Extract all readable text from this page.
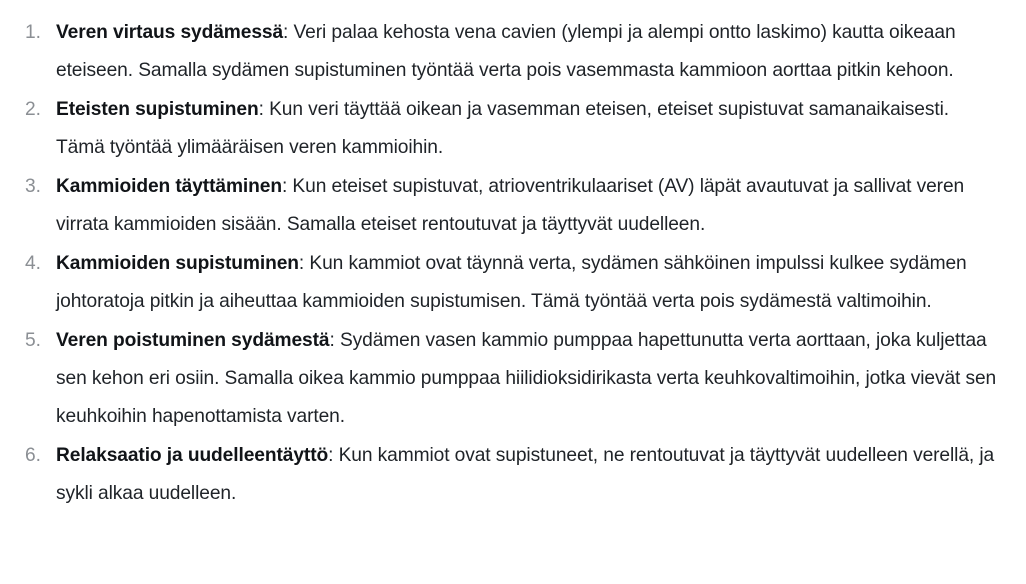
1. Veren virtaus sydämessä: Veri palaa kehosta vena cavien (ylempi ja alempi ontto laskimo) kautta oikeaan eteiseen. Samalla sydämen supistuminen työntää verta pois vasemmasta kammioon aorttaa pitkin kehoon.
2. Eteisten supistuminen: Kun veri täyttää oikean ja vasemman eteisen, eteiset supistuvat samanaikaisesti. Tämä työntää ylimääräisen veren kammioihin.
3. Kammioiden täyttäminen: Kun eteiset supistuvat, atrioventrikulaariset (AV) läpät avautuvat ja sallivat veren virrata kammioiden sisään. Samalla eteiset rentoutuvat ja täyttyvät uudelleen.
4. Kammioiden supistuminen: Kun kammiot ovat täynnä verta, sydämen sähköinen impulssi kulkee sydämen johtoratoja pitkin ja aiheuttaa kammioiden supistumisen. Tämä työntää verta pois sydämestä valtimoihin.
5. Veren poistuminen sydämestä: Sydämen vasen kammio pumppaa hapettunutta verta aorttaan, joka kuljettaa sen kehon eri osiin. Samalla oikea kammio pumppaa hiilidioksidirikasta verta keuhkovaltimoihin, jotka vievät sen keuhkoihin hapenottamista varten.
6. Relaksaatio ja uudelleentäyttö: Kun kammiot ovat supistuneet, ne rentoutuvat ja täyttyvät uudelleen verellä, ja sykli alkaa uudelleen.
